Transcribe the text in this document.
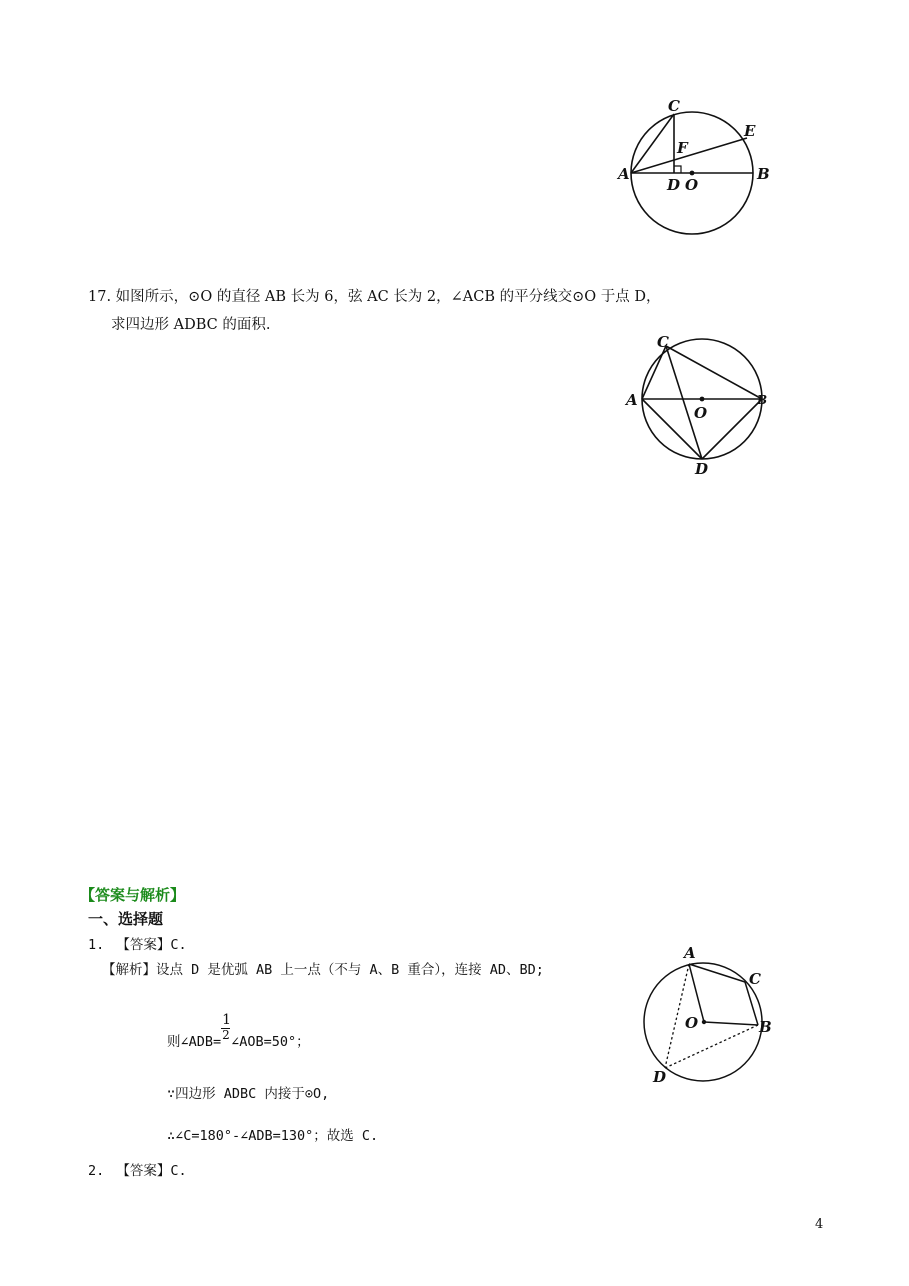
C
E
F
A
D O
B
17. 如图所示，⊙O 的直径 AB 长为 6，弦 AC 长为 2，∠ACB 的平分线交⊙O 于点 D，
求四边形 ADBC 的面积.
C
A
O
B
D
【答案与解析】
一、选择题
1. 【答案】C.
【解析】设点 D 是优弧 AB 上一点（不与 A、B 重合），连接 AD、BD;
则∠ADB= $\frac{1}{2}$ ∠AOB=50°；
∵四边形 ADBC 内接于⊙O,
∴∠C=180°-∠ADB=130°；故选 C.
2. 【答案】C.
A
C
O	B
D
4
